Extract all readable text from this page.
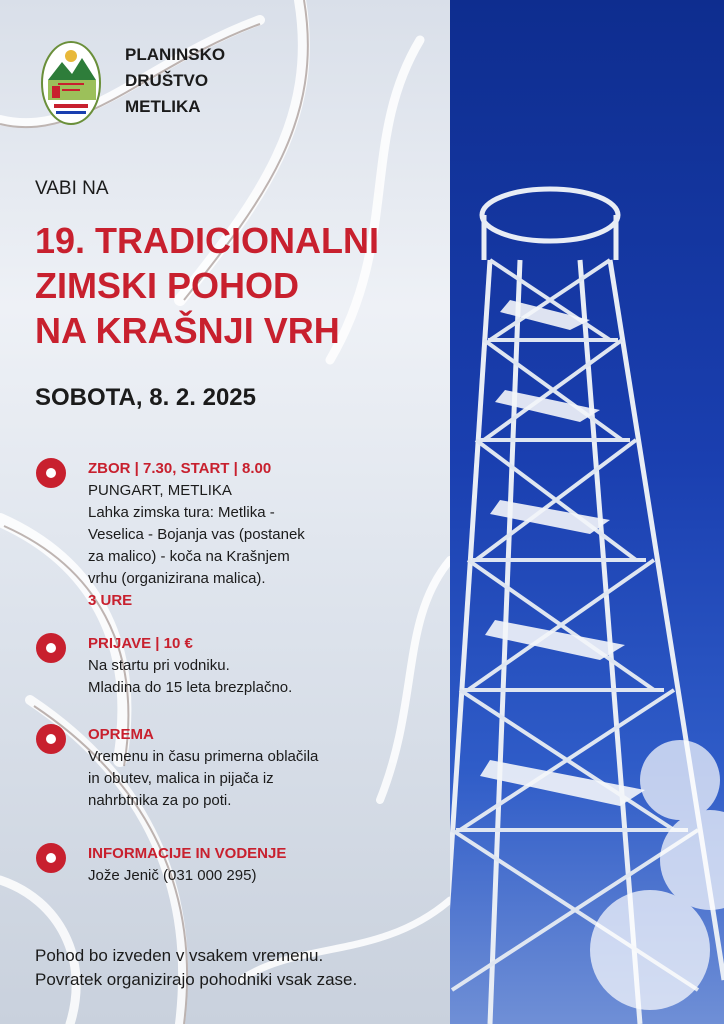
PLANINSKO
DRUŠTVO
METLIKA
VABI NA
19. TRADICIONALNI
ZIMSKI POHOD
NA KRAŠNJI VRH
SOBOTA, 8. 2. 2025
ZBOR | 7.30, START | 8.00
PUNGART, METLIKA
Lahka zimska tura: Metlika -
Veselica - Bojanja vas (postanek
za malico) - koča na Krašnjem
vrhu (organizirana malica).
3 URE
PRIJAVE | 10 €
Na startu pri vodniku.
Mladina do 15 leta brezplačno.
OPREMA
Vremenu in času primerna oblačila
in obutev, malica in pijača iz
nahrbtnika za po poti.
INFORMACIJE IN VODENJE
Jože Jenič (031 000 295)
Pohod bo izveden v vsakem vremenu.
Povratek organizirajo pohodniki vsak zase.
